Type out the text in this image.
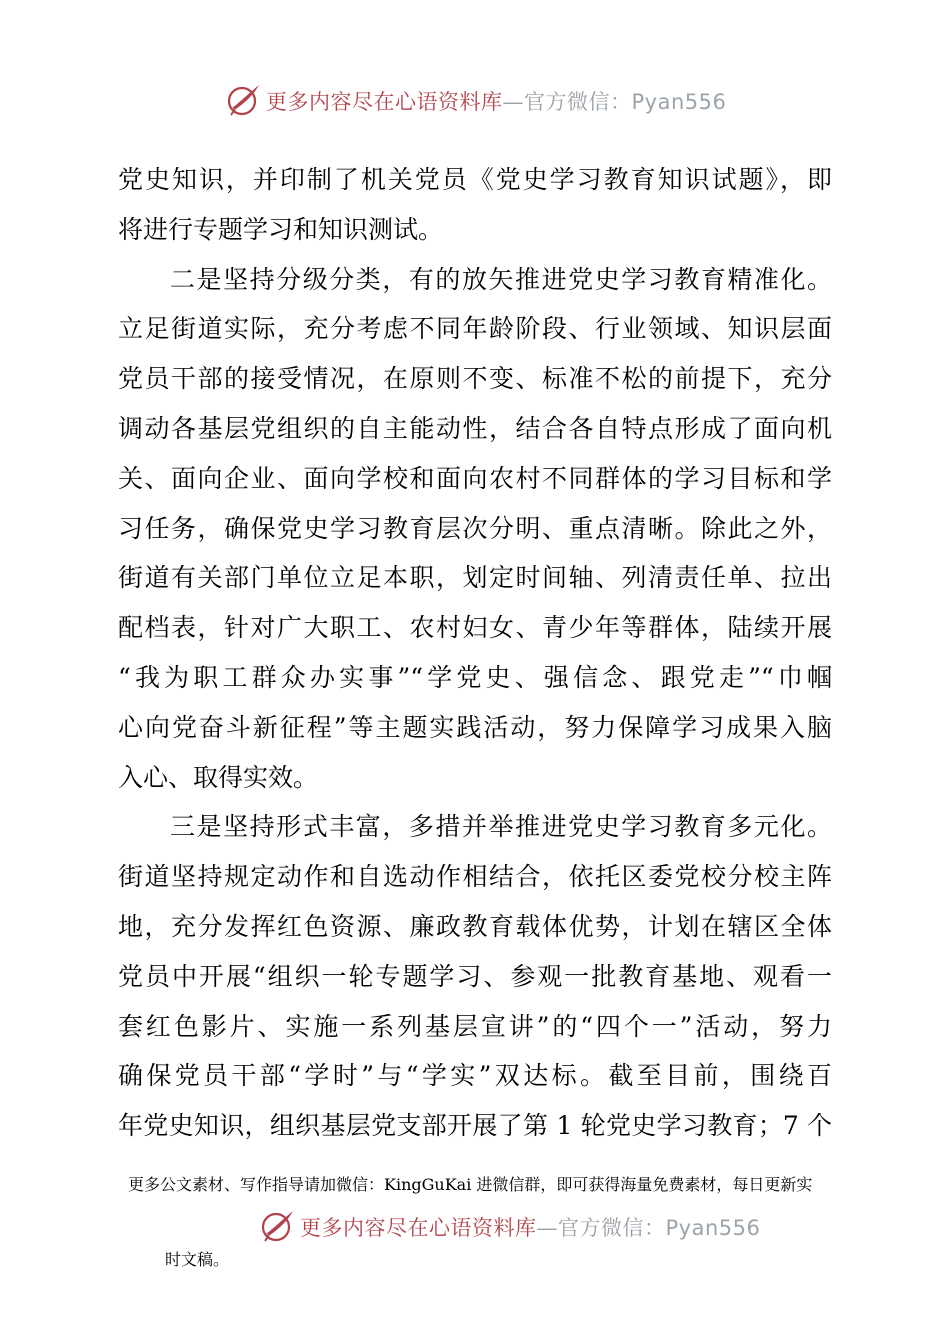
更多内容尽在心语资料库—官方微信：Pyan556
党史知识，并印制了机关党员《党史学习教育知识试题》，即
将进行专题学习和知识测试。
二是坚持分级分类，有的放矢推进党史学习教育精准化。
立足街道实际，充分考虑不同年龄阶段、行业领域、知识层面
党员干部的接受情况，在原则不变、标准不松的前提下，充分
调动各基层党组织的自主能动性，结合各自特点形成了面向机
关、面向企业、面向学校和面向农村不同群体的学习目标和学
习任务，确保党史学习教育层次分明、重点清晰。除此之外，
街道有关部门单位立足本职，划定时间轴、列清责任单、拉出
配档表，针对广大职工、农村妇女、青少年等群体，陆续开展
“我为职工群众办实事”“学党史、强信念、跟党走”“巾帼
心向党奋斗新征程”等主题实践活动，努力保障学习成果入脑
入心、取得实效。
三是坚持形式丰富，多措并举推进党史学习教育多元化。
街道坚持规定动作和自选动作相结合，依托区委党校分校主阵
地，充分发挥红色资源、廉政教育载体优势，计划在辖区全体
党员中开展“组织一轮专题学习、参观一批教育基地、观看一
套红色影片、实施一系列基层宣讲”的“四个一”活动，努力
确保党员干部“学时”与“学实”双达标。截至目前，围绕百
年党史知识，组织基层党支部开展了第 1 轮党史学习教育；7 个
更多公文素材、写作指导请加微信：KingGuKai 进微信群，即可获得海量免费素材，每日更新实
更多内容尽在心语资料库—官方微信：Pyan556
时文稿。
